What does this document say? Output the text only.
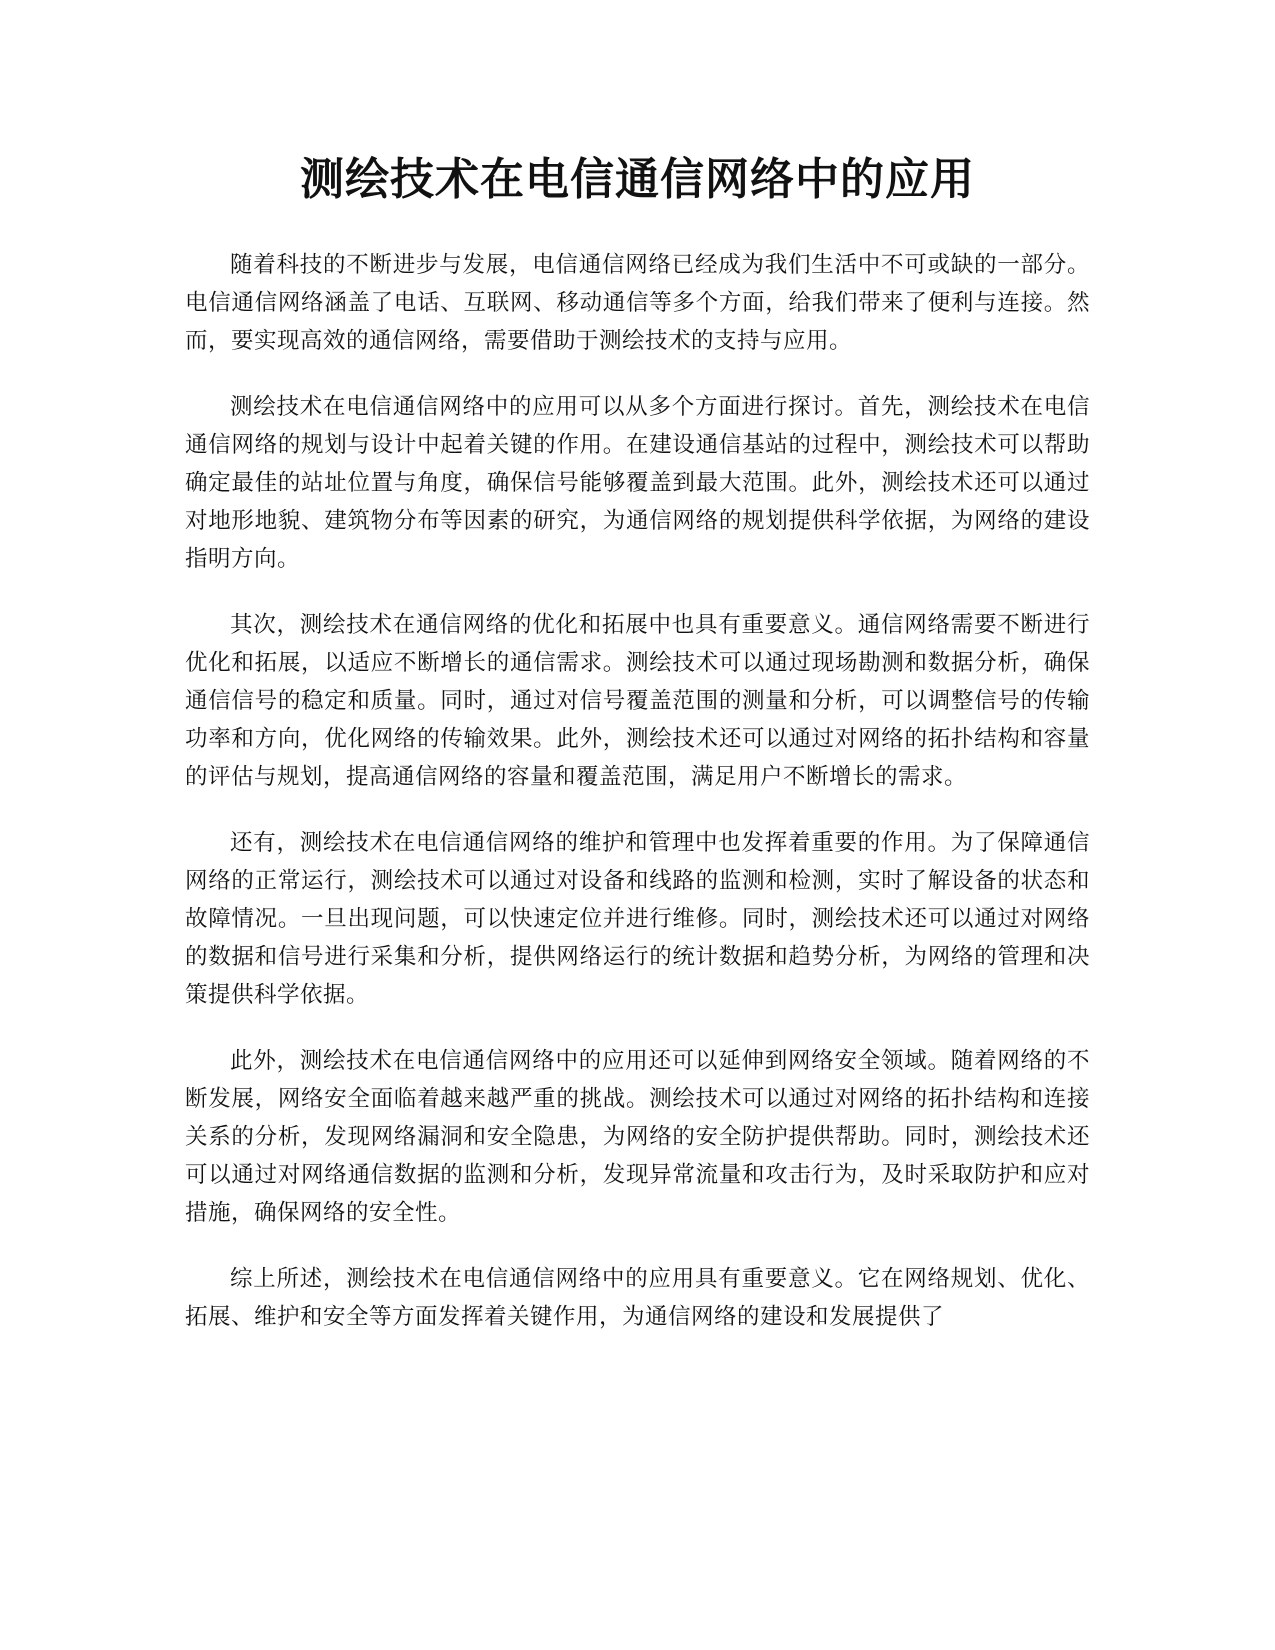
测绘技术在电信通信网络中的应用

随着科技的不断进步与发展，电信通信网络已经成为我们生活中不可或缺的一部分。电信通信网络涵盖了电话、互联网、移动通信等多个方面，给我们带来了便利与连接。然而，要实现高效的通信网络，需要借助于测绘技术的支持与应用。

测绘技术在电信通信网络中的应用可以从多个方面进行探讨。首先，测绘技术在电信通信网络的规划与设计中起着关键的作用。在建设通信基站的过程中，测绘技术可以帮助确定最佳的站址位置与角度，确保信号能够覆盖到最大范围。此外，测绘技术还可以通过对地形地貌、建筑物分布等因素的研究，为通信网络的规划提供科学依据，为网络的建设指明方向。

其次，测绘技术在通信网络的优化和拓展中也具有重要意义。通信网络需要不断进行优化和拓展，以适应不断增长的通信需求。测绘技术可以通过现场勘测和数据分析，确保通信信号的稳定和质量。同时，通过对信号覆盖范围的测量和分析，可以调整信号的传输功率和方向，优化网络的传输效果。此外，测绘技术还可以通过对网络的拓扑结构和容量的评估与规划，提高通信网络的容量和覆盖范围，满足用户不断增长的需求。

还有，测绘技术在电信通信网络的维护和管理中也发挥着重要的作用。为了保障通信网络的正常运行，测绘技术可以通过对设备和线路的监测和检测，实时了解设备的状态和故障情况。一旦出现问题，可以快速定位并进行维修。同时，测绘技术还可以通过对网络的数据和信号进行采集和分析，提供网络运行的统计数据和趋势分析，为网络的管理和决策提供科学依据。

此外，测绘技术在电信通信网络中的应用还可以延伸到网络安全领域。随着网络的不断发展，网络安全面临着越来越严重的挑战。测绘技术可以通过对网络的拓扑结构和连接关系的分析，发现网络漏洞和安全隐患，为网络的安全防护提供帮助。同时，测绘技术还可以通过对网络通信数据的监测和分析，发现异常流量和攻击行为，及时采取防护和应对措施，确保网络的安全性。

综上所述，测绘技术在电信通信网络中的应用具有重要意义。它在网络规划、优化、拓展、维护和安全等方面发挥着关键作用，为通信网络的建设和发展提供了
